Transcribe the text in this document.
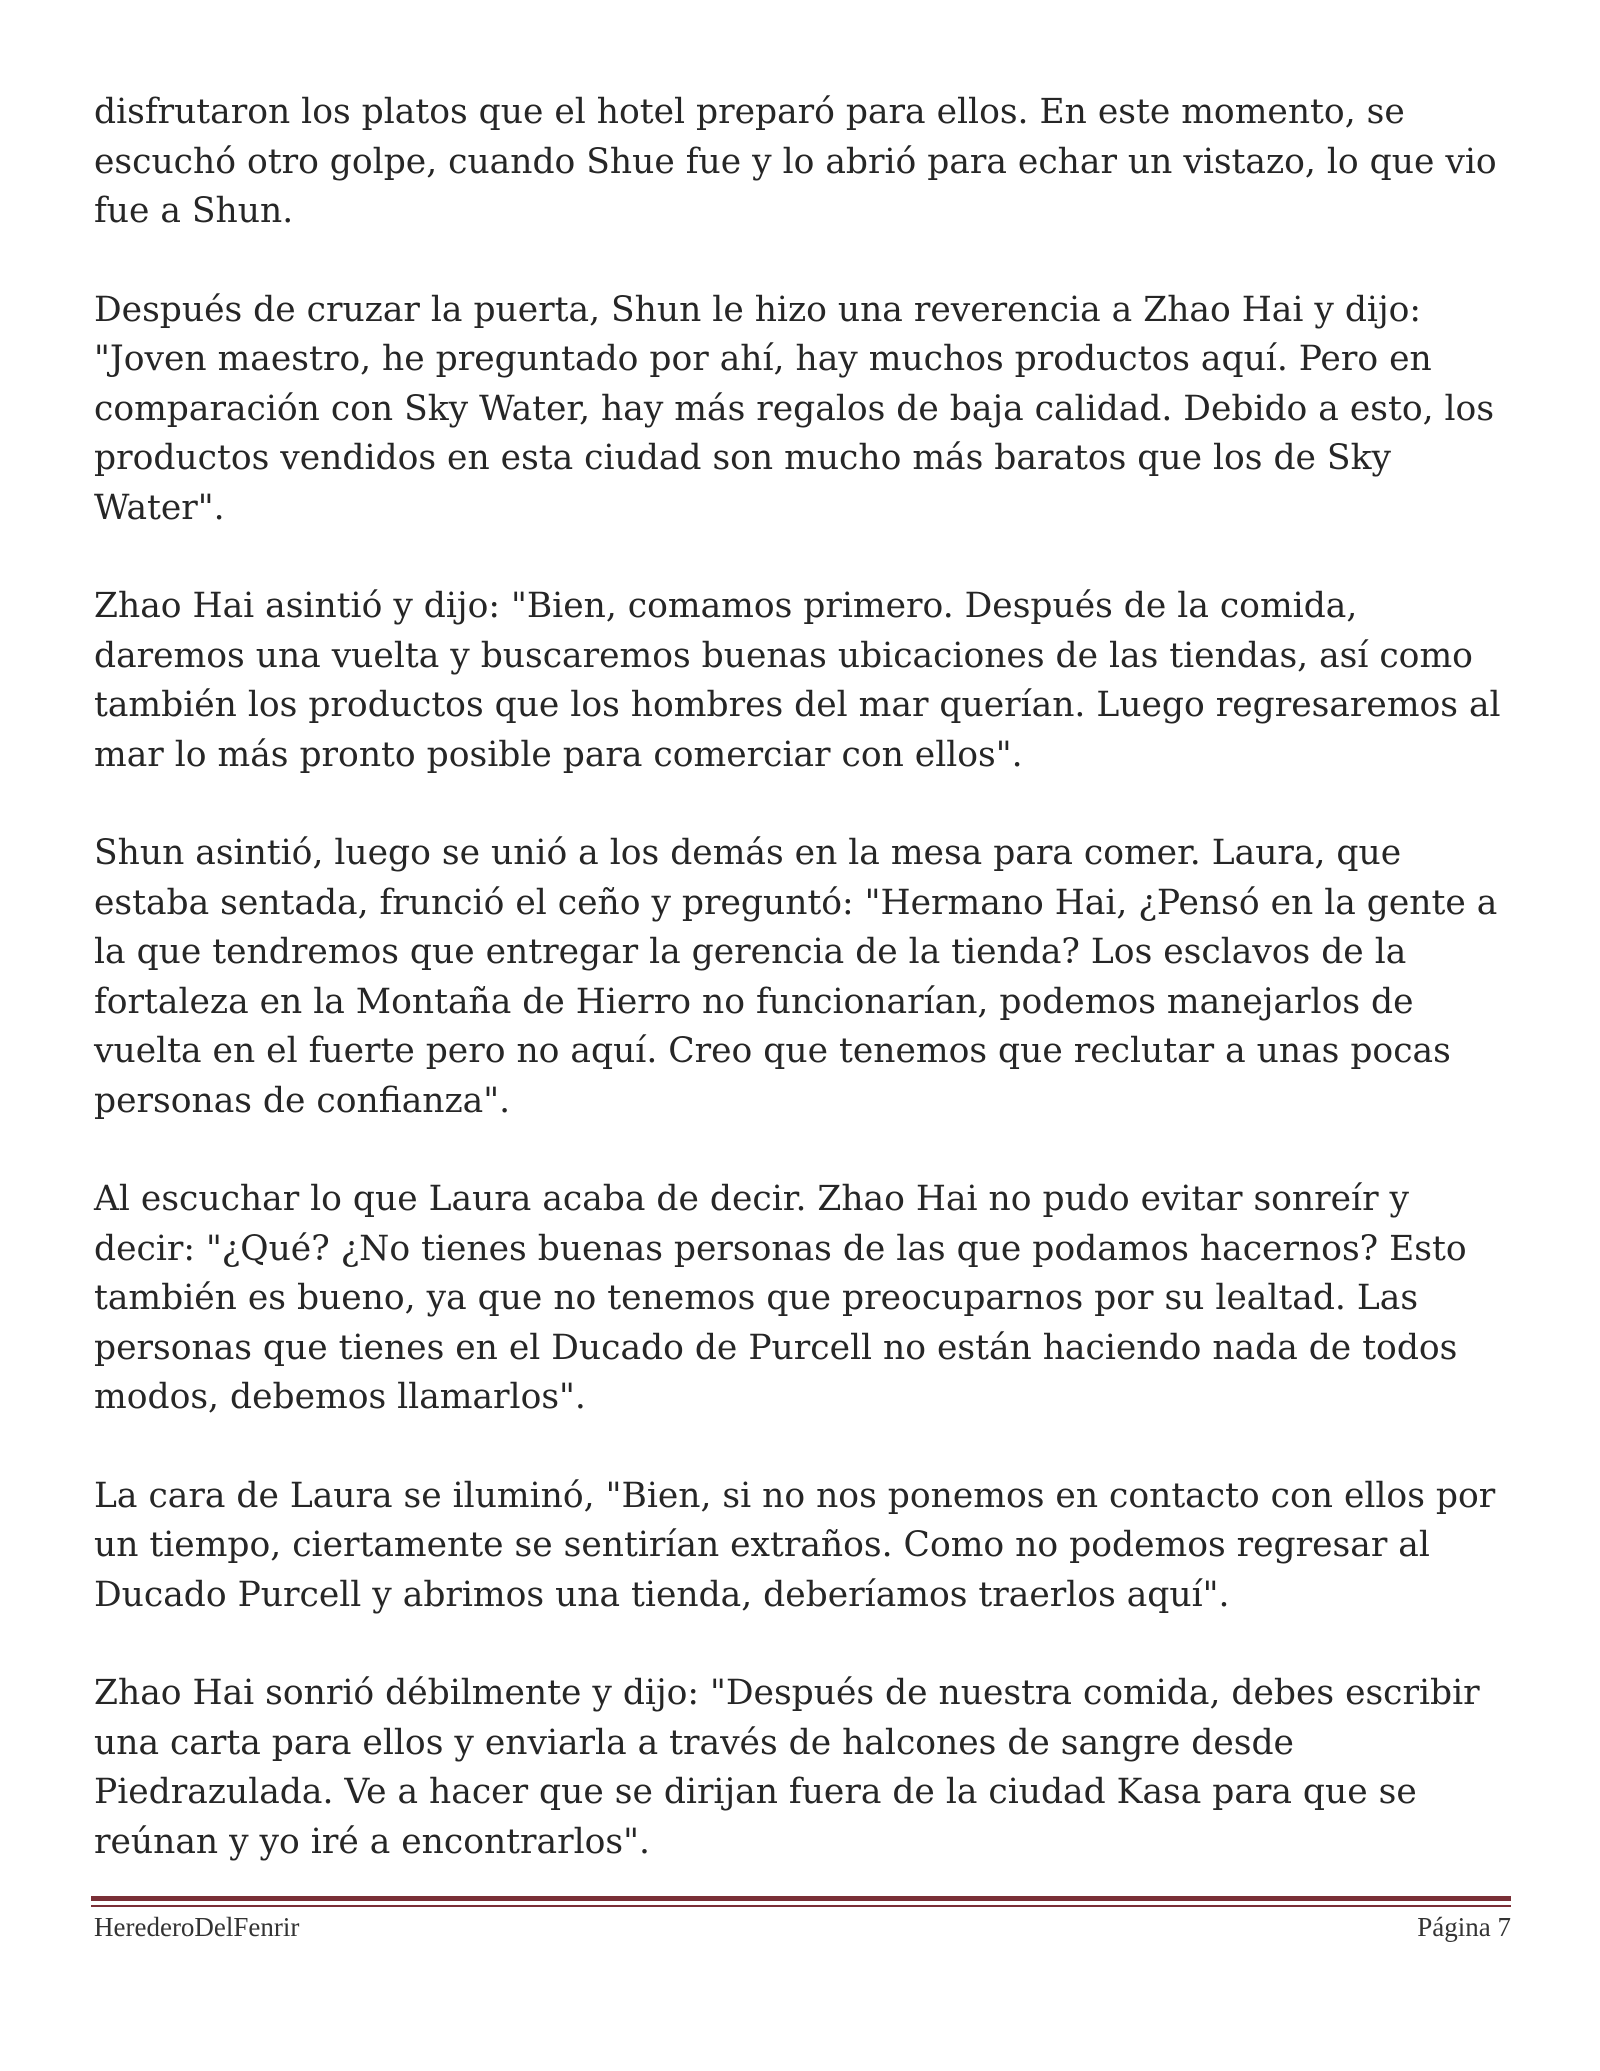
disfrutaron los platos que el hotel preparó para ellos. En este momento, se escuchó otro golpe, cuando Shue fue y lo abrió para echar un vistazo, lo que vio fue a Shun.

Después de cruzar la puerta, Shun le hizo una reverencia a Zhao Hai y dijo: "Joven maestro, he preguntado por ahí, hay muchos productos aquí. Pero en comparación con Sky Water, hay más regalos de baja calidad. Debido a esto, los productos vendidos en esta ciudad son mucho más baratos que los de Sky Water".

Zhao Hai asintió y dijo: "Bien, comamos primero. Después de la comida, daremos una vuelta y buscaremos buenas ubicaciones de las tiendas, así como también los productos que los hombres del mar querían. Luego regresaremos al mar lo más pronto posible para comerciar con ellos".

Shun asintió, luego se unió a los demás en la mesa para comer. Laura, que estaba sentada, frunció el ceño y preguntó: "Hermano Hai, ¿Pensó en la gente a la que tendremos que entregar la gerencia de la tienda? Los esclavos de la fortaleza en la Montaña de Hierro no funcionarían, podemos manejarlos de vuelta en el fuerte pero no aquí. Creo que tenemos que reclutar a unas pocas personas de confianza".

Al escuchar lo que Laura acaba de decir. Zhao Hai no pudo evitar sonreír y decir: "¿Qué? ¿No tienes buenas personas de las que podamos hacernos? Esto también es bueno, ya que no tenemos que preocuparnos por su lealtad. Las personas que tienes en el Ducado de Purcell no están haciendo nada de todos modos, debemos llamarlos".

La cara de Laura se iluminó, "Bien, si no nos ponemos en contacto con ellos por un tiempo, ciertamente se sentirían extraños. Como no podemos regresar al Ducado Purcell y abrimos una tienda, deberíamos traerlos aquí".

Zhao Hai sonrió débilmente y dijo: "Después de nuestra comida, debes escribir una carta para ellos y enviarla a través de halcones de sangre desde Piedrazulada. Ve a hacer que se dirijan fuera de la ciudad Kasa para que se reúnan y yo iré a encontrarlos".

HerederoDelFenrir	Página 7
